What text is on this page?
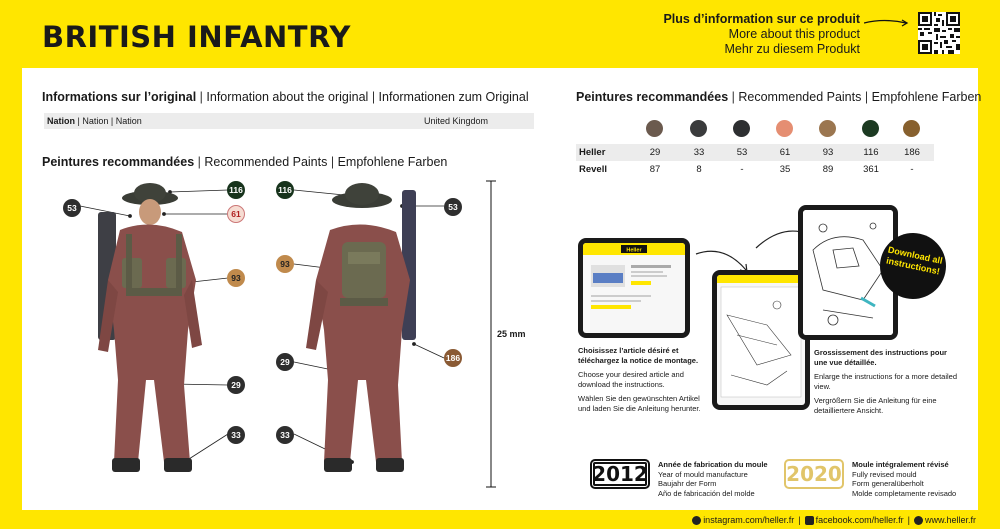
BRITISH INFANTRY
Plus d’information sur ce produit
More about this product
Mehr zu diesem Produkt
Informations sur l’original | Information about the original | Informationen zum Original
Nation | Nation | Nation	United Kingdom
Peintures recommandées | Recommended Paints | Empfohlene Farben
53
116
61
93
29
33
116
53
93
29	186
33
25 mm
Peintures recommandées | Recommended Paints | Empfohlene Farben
Heller	29	33	53	61	93	116	186
Revell	87	8	-	35	89	361	-
Heller	Download all instructions!
Choisissez l’article désiré et téléchargez la notice de montage.
Choose your desired article and download the instructions.
Wählen Sie den gewünschten Artikel und laden Sie die Anleitung herunter.
Grossissement des instructions pour une vue détaillée.
Enlarge the instructions for a more detailed view.
Vergrößern Sie die Anleitung für eine detailliertere Ansicht.
2012 Année de fabrication du moule
Year of mould manufacture
Baujahr der Form
Año de fabricación del molde
2020 Moule intégralement révisé
Fully revised mould
Form generalüberholt
Molde completamente revisado
instagram.com/heller.fr |	facebook.com/heller.fr |	www.heller.fr
